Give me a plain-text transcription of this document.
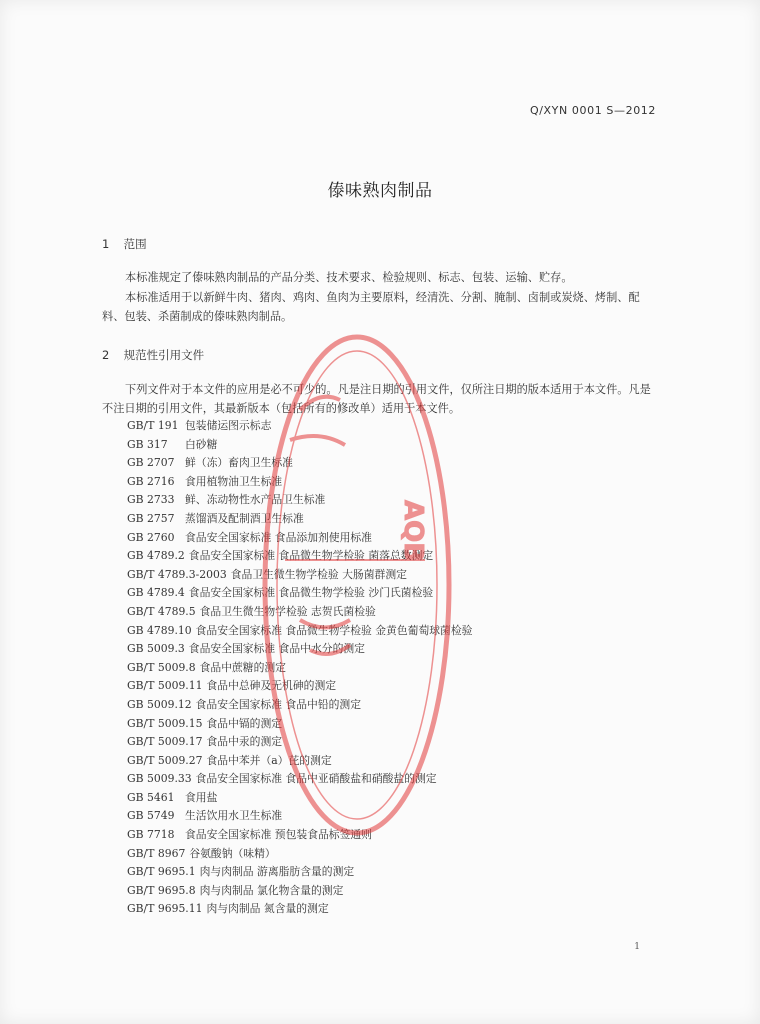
Q/XYN 0001 S—2012
傣味熟肉制品
1 范围
本标准规定了傣味熟肉制品的产品分类、技术要求、检验规则、标志、包装、运输、贮存。
本标准适用于以新鲜牛肉、猪肉、鸡肉、鱼肉为主要原料，经清洗、分割、腌制、卤制或炭烧、烤制、配料、包装、杀菌制成的傣味熟肉制品。
2 规范性引用文件
下列文件对于本文件的应用是必不可少的。凡是注日期的引用文件，仅所注日期的版本适用于本文件。凡是不注日期的引用文件，其最新版本（包括所有的修改单）适用于本文件。
GB/T 191 包装储运图示标志
GB 317 白砂糖
GB 2707 鲜（冻）畜肉卫生标准
GB 2716 食用植物油卫生标准
GB 2733 鲜、冻动物性水产品卫生标准
GB 2757 蒸馏酒及配制酒卫生标准
GB 2760 食品安全国家标准 食品添加剂使用标准
GB 4789.2 食品安全国家标准 食品微生物学检验 菌落总数测定
GB/T 4789.3-2003 食品卫生微生物学检验 大肠菌群测定
GB 4789.4 食品安全国家标准 食品微生物学检验 沙门氏菌检验
GB/T 4789.5 食品卫生微生物学检验 志贺氏菌检验
GB 4789.10 食品安全国家标准 食品微生物学检验 金黄色葡萄球菌检验
GB 5009.3 食品安全国家标准 食品中水分的测定
GB/T 5009.8 食品中蔗糖的测定
GB/T 5009.11 食品中总砷及无机砷的测定
GB 5009.12 食品安全国家标准 食品中铅的测定
GB/T 5009.15 食品中镉的测定
GB/T 5009.17 食品中汞的测定
GB/T 5009.27 食品中苯并（a）芘的测定
GB 5009.33 食品安全国家标准 食品中亚硝酸盐和硝酸盐的测定
GB 5461 食用盐
GB 5749 生活饮用水卫生标准
GB 7718 食品安全国家标准 预包装食品标签通则
GB/T 8967 谷氨酸钠（味精）
GB/T 9695.1 肉与肉制品 游离脂肪含量的测定
GB/T 9695.8 肉与肉制品 氯化物含量的测定
GB/T 9695.11 肉与肉制品 氮含量的测定
1
AQB
